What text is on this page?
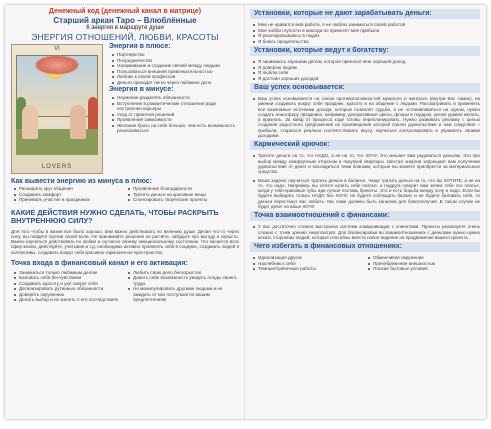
Денежный код (денежный канал в матрице)
Старший аркан Таро – Влюблённые
6 энергия в маршруте души
ЭНЕРГИЯ ОТНОШЕНИЙ, ЛЮБВИ, КРАСОТЫ
VI
LOVERS
Энергия в плюсе:
Партнёрство
Посредничество
Налаживание и создание связей между людьми
Пользоваться внешней привлекательностью
Любовь к своей профессии
Деньги приходят легко через любимое дело
Энергия в минусе:
Неумение разделять обязанности
Вступление в романтические отношения ради построения карьеры
Уход от принятия решений
Проявление зависимости
Желание брать на себя больше, чем есть возможность реализоваться
Как вывести энергию из минуса в плюс:
Расширить круг общения
Создавать комфорт
Принимать участие в праздниках
Проявление благодарности
Тратить деньги на красивые вещи
Спонсировать творческие проекты
КАКИЕ ДЕЙСТВИЯ НУЖНО СДЕЛАТЬ, ЧТОБЫ РАСКРЫТЬ ВНУТРЕННЮЮ СИЛУ?
Для того чтобы в жизни все было хорошо, вам важно действовать по велению души. Делая что-то через силу, вы пойдёте против своей воли. Не принимайте решения на расчёте, забудьте про выгоду и корысть. Важно научиться действовать по любви и согласно своему эмоциональному состоянию. Что касается всех сфер жизни, действуйте, учитывая и т.д. необходимо активно проявлять себя в социуме, создавать людей в коллективы, создавать вокруг себя красивое гармоничное пространство.
Точка входа в финансовый канал и его активация:
Заниматься только любимым делом
Баловать себя бесчувствием
Создавать красоту и уют вокруг себя
Детализировать рутинные обязанности
Доверять окружению
Делать выбор и не жалеть о его последствиях
Любить свою дело бескорыстно
Давать себе возможность увидеть плоды своего труда
Не манипулировать другими людьми и не ожидать от них поступков по вашим предпочтениям
Установки, которые не дают зарабатывать деньги:
Мне не нравится моя работа, я не люблю заниматься своей работой
Мое хобби глупости и никогда не принесёт мне прибыли
Я разочаровываюсь в людях
Я боюсь предательства
Установки, которые ведут к богатству:
Я занимаюсь хорошим делом, которое приносит мне хорошей доход
Я доверяю людям
Я люблю себя
Я достоин хороших доходов
Ваш успех основывается:
Ваш успех основывается на союзе противоположностей мужского и женского (внутри Вас самих), на умении создавать вокруг себя праздник, красоту и на общение с людьми. Рассматривать и применять все возможные источники дохода, которые позволят судьба, а не останавливаться на одном, нужно создать атмосферу праздника, например, декоративные цветы, флоры в подарок, делая уравне желать, а признать. За кайф от процесса ходе готовы перепланировать. Нужно развивать рекламу с целью создания радостного предложения из произведения которой пошли удовольствие и нам следствие – прибыли, стараться реально соответствовать вкусу, научиться контролировать и управлять своими доходами.
Кармический крючок:
Тратите деньги на то, что НАДО, а не на то, что ХОЧУ. Это мешает вам радоваться деньгам. Это про выбор между комфортным отпуском и покупкой квартиры. Шестая энергия запрещает вам получение удовольствие от денег и насладиться теми благами, которые вы можете приобрести за материальные средства.
Ваша задача: научиться тратить деньги в балансе. Чаще тратить деньги на то, что вы ХОТИТЕ, а не на то, что надо. Например, вы хотите купить себе платье, а подруга говорит вам зачем тебе это платье, когда у тебя красивые губы иди лучше поставь брекеты. Это и есть борьба между хочу и надо. Если вы будете выбирать только НАДО без ХОЧУ, не будете соблюдать баланс и не будете баловать себя, то деньги перестанут вас любить. Мы сами должны быть каналом для благополучия. В таком случае не будет денег на ваше ХОЧУ.
Точка взаимоотношений с финансами:
У вас достаточно сложно выстроена система коммуникации с клиентами. Проекты реализуете очень сложно с точки зрения энергозатрат. Для балансировки во взаимоотношениях с деньгами нужно нужно искать сторонних людей, которые способны внести новое видение на продвижение вашего проекта.
Чего избегать в финансовых отношениях:
Идеализация других
Нахлёбник к себе
Темные/тряпичные работы
Обманчивое окружение
Пренебрежение внешностью
Плохие бытовые условия
